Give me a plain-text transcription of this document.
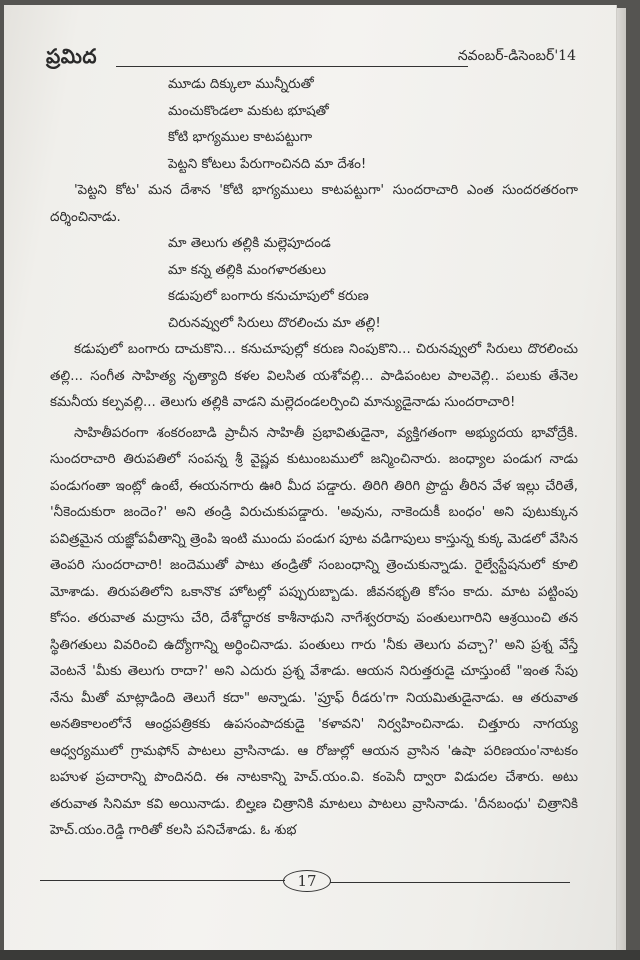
ప్రమిద	నవంబర్-డిసెంబర్'14
మూడు దిక్కులా మున్నీరుతో
మంచుకొండలా మకుట భూషతో
కోటి భాగ్యముల కాటపట్టుగా
పెట్టని కోటలు పేరుగాంచినది మా దేశం!

'పెట్టని కోట' మన దేశాన 'కోటి భాగ్యములు కాటపట్టుగా' సుందరాచారి ఎంత సుందరతరంగా దర్శించినాడు.

మా తెలుగు తల్లికి మల్లెపూదండ
మా కన్న తల్లికి మంగళారతులు
కడుపులో బంగారు కనుచూపులో కరుణ
చిరునవ్వులో సిరులు దొరలించు మా తల్లి!

కడుపులో బంగారు దాచుకొని... కనుచూపుల్లో కరుణ నింపుకొని... చిరునవ్వులో సిరులు దొరలించు తల్లి... సంగీత సాహిత్య నృత్యాది కళల విలసిత యశోవల్లి... పాడిపంటల పాలవెల్లి.. పలుకు తేనెల కమనీయ కల్పవల్లి... తెలుగు తల్లికి వాడని మల్లెదండలర్పించి మాన్యుడైనాడు సుందరాచారి!

సాహితీపరంగా శంకరంబాడి ప్రాచీన సాహితీ ప్రభావితుడైనా, వ్యక్తిగతంగా అభ్యుదయ భావోద్రేకి. సుందరాచారి తిరుపతిలో సంపన్న శ్రీ వైష్ణవ కుటుంబములో జన్మించినారు. జంధ్యాల పండుగ నాడు పండుగంతా ఇంట్లో ఉంటే, ఈయనగారు ఊరి మీద పడ్డారు. తిరిగి తిరిగి ప్రొద్దు తీరిన వేళ ఇల్లు చేరితే, 'నీకెందుకురా జందెం?' అని తండ్రి విరుచుకుపడ్డారు. 'అవును, నాకెందుకీ బంధం' అని పుటుక్కున పవిత్రమైన యజ్ఞోపవీతాన్ని త్రెంపి ఇంటి ముందు పండుగ పూట వడిగాపులు కాస్తున్న కుక్క మెడలో వేసిన తెంపరి సుందరాచారి! జందెముతో పాటు తండ్రితో సంబంధాన్ని త్రెంచుకున్నాడు. రైల్వేస్టేషనులో కూలి మోశాడు. తిరుపతిలోని ఒకానొక హోటల్లో పప్పురుబ్బాడు. జీవనభృతి కోసం కాదు. మాట పట్టింపు కోసం. తరువాత మద్రాసు చేరి, దేశోద్ధారక కాశీనాథుని నాగేశ్వరరావు పంతులుగారిని ఆశ్రయించి తన స్థితిగతులు వివరించి ఉద్యోగాన్ని అర్థించినాడు. పంతులు గారు 'నీకు తెలుగు వచ్చా?' అని ప్రశ్న వేస్తే వెంటనే 'మీకు తెలుగు రాదా?' అని ఎదురు ప్రశ్న వేశాడు. ఆయన నిరుత్తరుడై చూస్తుంటే "ఇంత సేపు నేను మీతో మాట్లాడింది తెలుగే కదా" అన్నాడు. 'ప్రూఫ్ రీడరు'గా నియమితుడైనాడు. ఆ తరువాత అనతికాలంలోనే ఆంధ్రపత్రికకు ఉపసంపాదకుడై 'కళావని' నిర్వహించినాడు. చిత్తూరు నాగయ్య ఆధ్వర్యములో గ్రామఫోన్ పాటలు వ్రాసినాడు. ఆ రోజుల్లో ఆయన వ్రాసిన 'ఉషా పరిణయం'నాటకం బహుళ ప్రచారాన్ని పొందినది. ఈ నాటకాన్ని హెచ్.యం.వి. కంపెనీ ద్వారా విడుదల చేశారు. అటు తరువాత సినిమా కవి అయినాడు. బిల్హణ చిత్రానికి మాటలు పాటలు వ్రాసినాడు. 'దీనబంధు' చిత్రానికి హెచ్.యం.రెడ్డి గారితో కలసి పనిచేశాడు. ఓ శుభ

17
